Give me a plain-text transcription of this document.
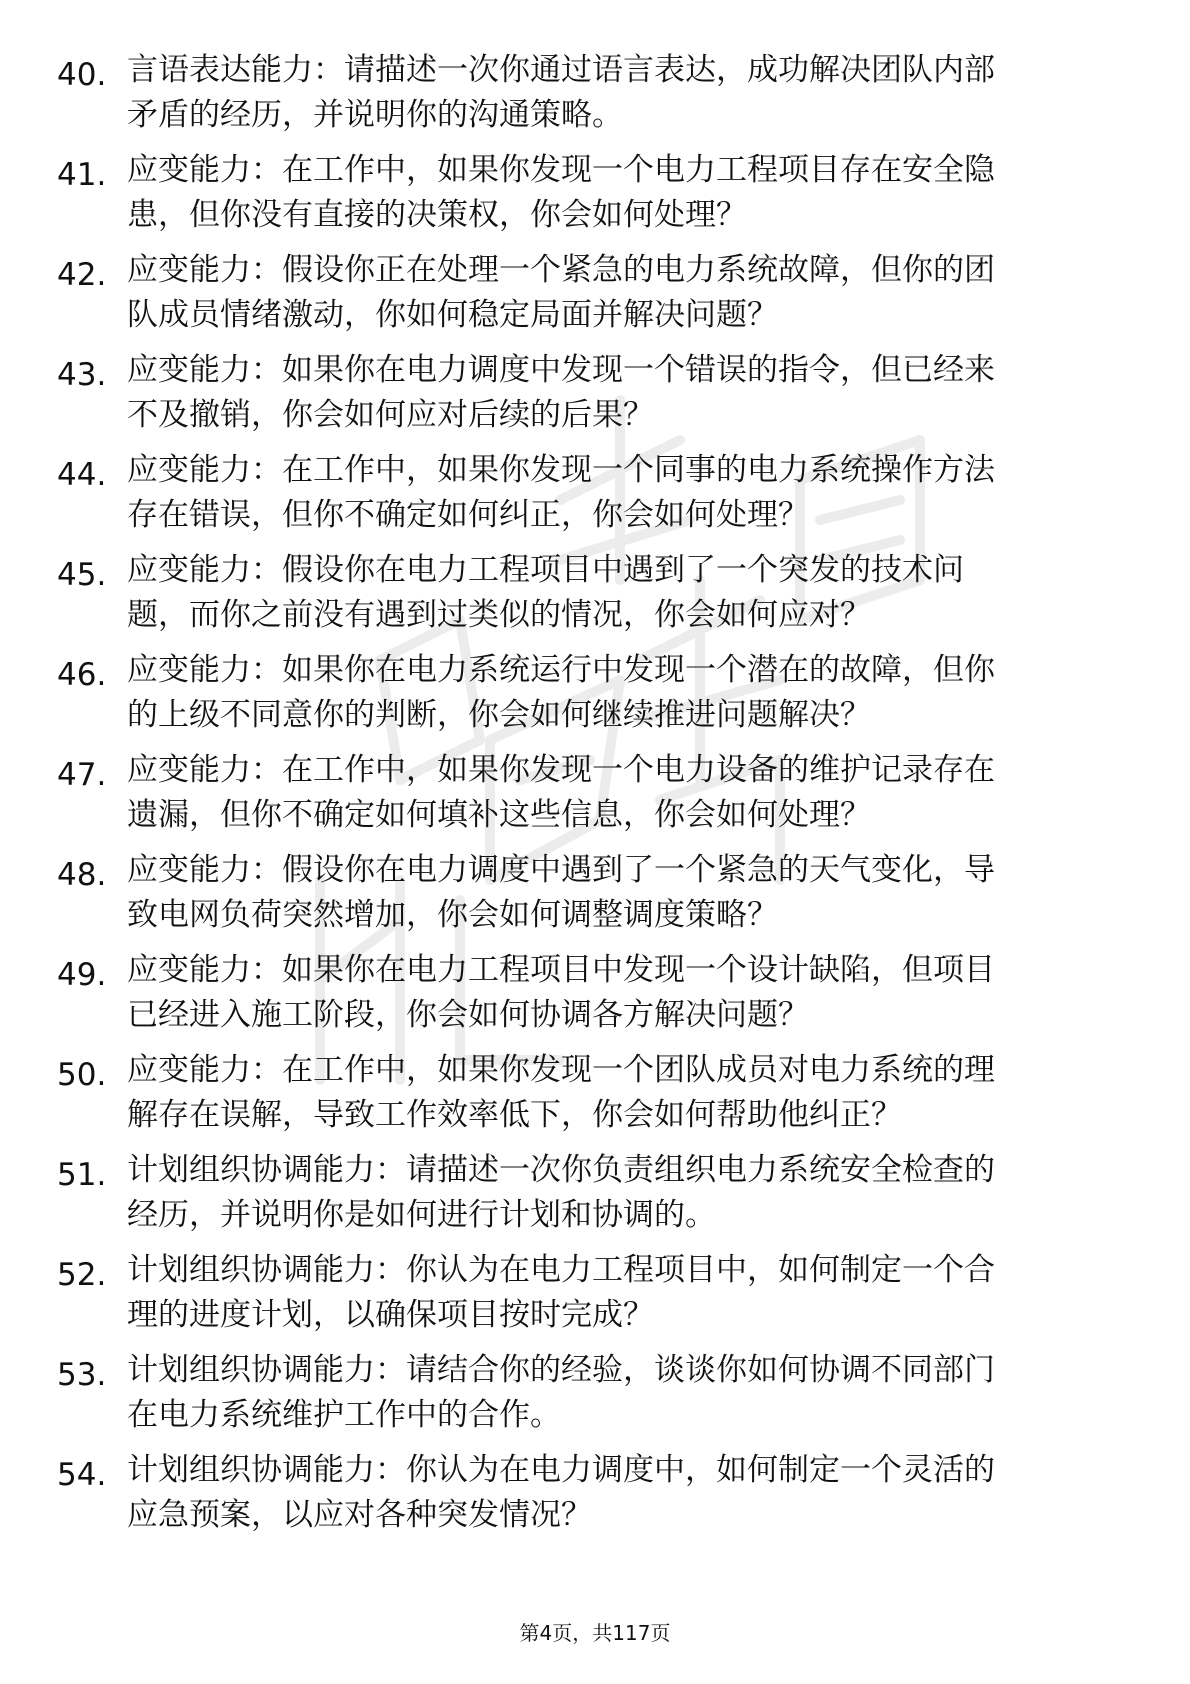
40. 言语表达能力：请描述一次你通过语言表达，成功解决团队内部
矛盾的经历，并说明你的沟通策略。
41. 应变能力：在工作中，如果你发现一个电力工程项目存在安全隐
患，但你没有直接的决策权，你会如何处理？
42. 应变能力：假设你正在处理一个紧急的电力系统故障，但你的团
队成员情绪激动，你如何稳定局面并解决问题？
43. 应变能力：如果你在电力调度中发现一个错误的指令，但已经来
不及撤销，你会如何应对后续的后果？
44. 应变能力：在工作中，如果你发现一个同事的电力系统操作方法
存在错误，但你不确定如何纠正，你会如何处理？
45. 应变能力：假设你在电力工程项目中遇到了一个突发的技术问
题，而你之前没有遇到过类似的情况，你会如何应对？
46. 应变能力：如果你在电力系统运行中发现一个潜在的故障，但你
的上级不同意你的判断，你会如何继续推进问题解决？
47. 应变能力：在工作中，如果你发现一个电力设备的维护记录存在
遗漏，但你不确定如何填补这些信息，你会如何处理？
48. 应变能力：假设你在电力调度中遇到了一个紧急的天气变化，导
致电网负荷突然增加，你会如何调整调度策略？
49. 应变能力：如果你在电力工程项目中发现一个设计缺陷，但项目
已经进入施工阶段，你会如何协调各方解决问题？
50. 应变能力：在工作中，如果你发现一个团队成员对电力系统的理
解存在误解，导致工作效率低下，你会如何帮助他纠正？
51. 计划组织协调能力：请描述一次你负责组织电力系统安全检查的
经历，并说明你是如何进行计划和协调的。
52. 计划组织协调能力：你认为在电力工程项目中，如何制定一个合
理的进度计划，以确保项目按时完成？
53. 计划组织协调能力：请结合你的经验，谈谈你如何协调不同部门
在电力系统维护工作中的合作。
54. 计划组织协调能力：你认为在电力调度中，如何制定一个灵活的
应急预案，以应对各种突发情况？
第4页，共117页
